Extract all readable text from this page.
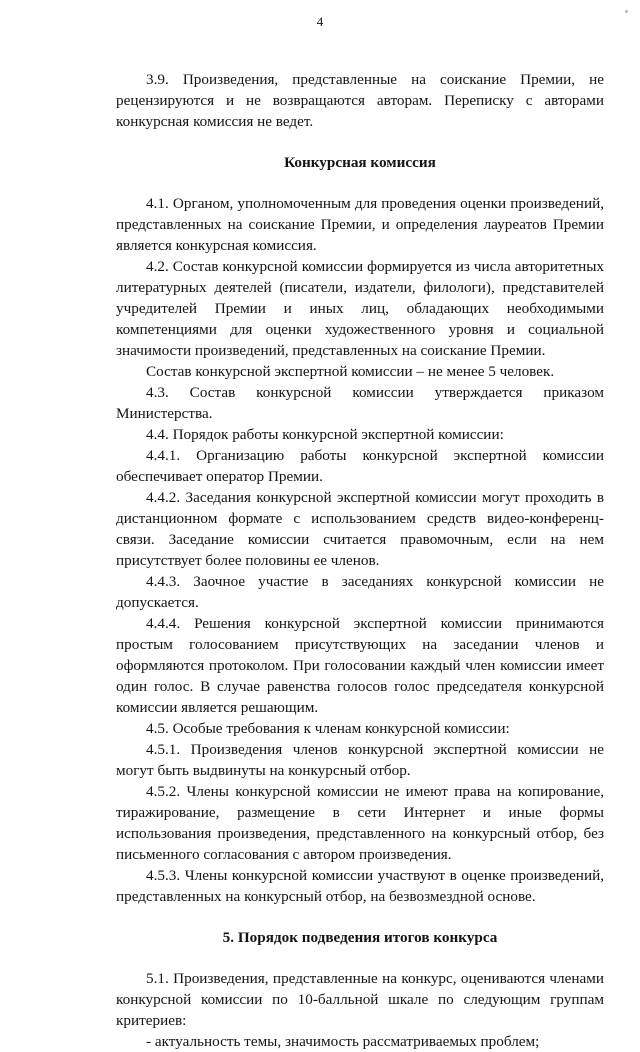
4

3.9. Произведения, представленные на соискание Премии, не рецензируются и не возвращаются авторам. Переписку с авторами конкурсная комиссия не ведет.

Конкурсная комиссия

4.1. Органом, уполномоченным для проведения оценки произведений, представленных на соискание Премии, и определения лауреатов Премии является конкурсная комиссия.

4.2. Состав конкурсной комиссии формируется из числа авторитетных литературных деятелей (писатели, издатели, филологи), представителей учредителей Премии и иных лиц, обладающих необходимыми компетенциями для оценки художественного уровня и социальной значимости произведений, представленных на соискание Премии.

Состав конкурсной экспертной комиссии – не менее 5 человек.

4.3. Состав конкурсной комиссии утверждается приказом Министерства.

4.4. Порядок работы конкурсной экспертной комиссии:

4.4.1. Организацию работы конкурсной экспертной комиссии обеспечивает оператор Премии.

4.4.2. Заседания конкурсной экспертной комиссии могут проходить в дистанционном формате с использованием средств видео-конференц-связи. Заседание комиссии считается правомочным, если на нем присутствует более половины ее членов.

4.4.3. Заочное участие в заседаниях конкурсной комиссии не допускается.

4.4.4. Решения конкурсной экспертной комиссии принимаются простым голосованием присутствующих на заседании членов и оформляются протоколом. При голосовании каждый член комиссии имеет один голос. В случае равенства голосов голос председателя конкурсной комиссии является решающим.

4.5. Особые требования к членам конкурсной комиссии:

4.5.1. Произведения членов конкурсной экспертной комиссии не могут быть выдвинуты на конкурсный отбор.

4.5.2. Члены конкурсной комиссии не имеют права на копирование, тиражирование, размещение в сети Интернет и иные формы использования произведения, представленного на конкурсный отбор, без письменного согласования с автором произведения.

4.5.3. Члены конкурсной комиссии участвуют в оценке произведений, представленных на конкурсный отбор, на безвозмездной основе.

5. Порядок подведения итогов конкурса

5.1. Произведения, представленные на конкурс, оцениваются членами конкурсной комиссии по 10-балльной шкале по следующим группам критериев:

- актуальность темы, значимость рассматриваемых проблем;
